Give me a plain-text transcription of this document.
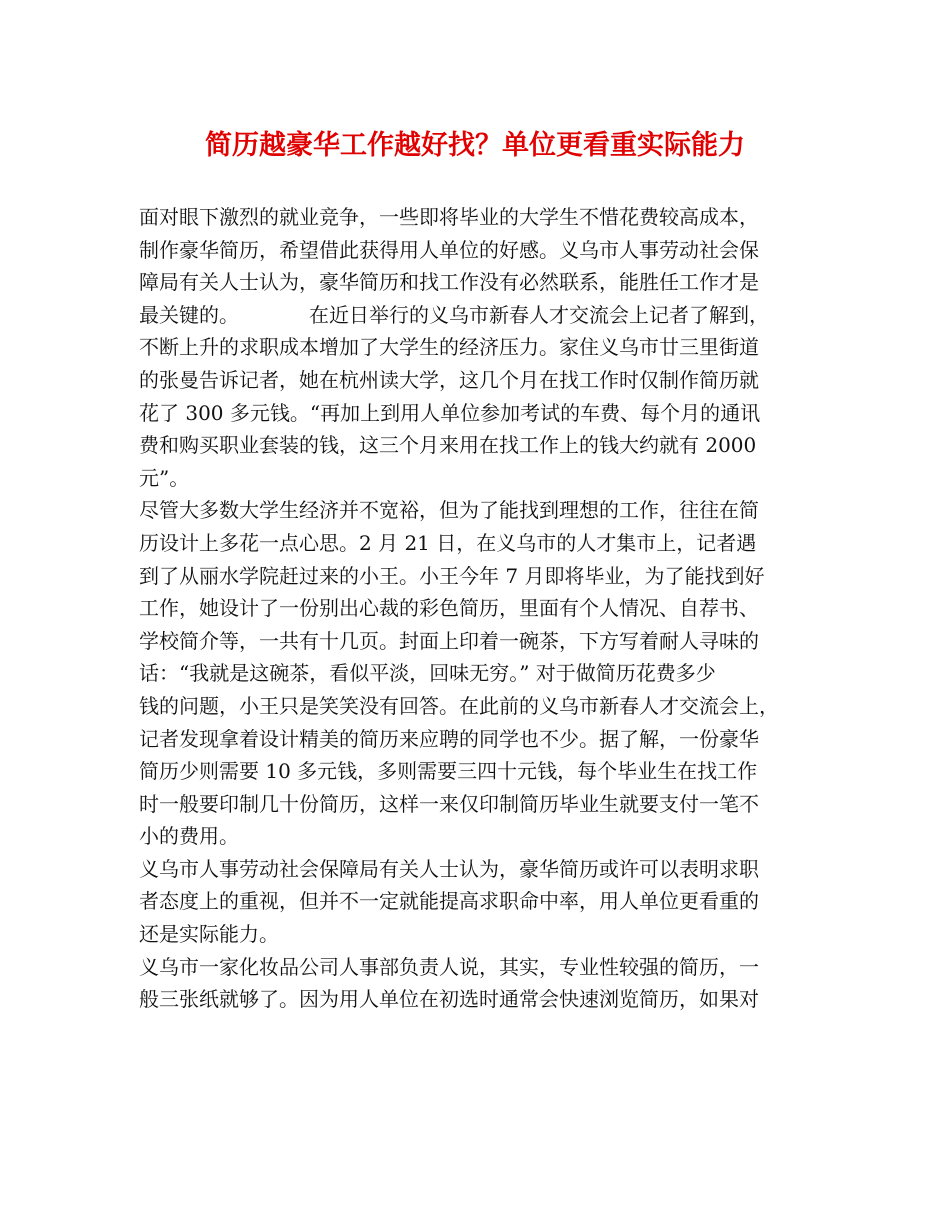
简历越豪华工作越好找？单位更看重实际能力
面对眼下激烈的就业竞争，一些即将毕业的大学生不惜花费较高成本，
制作豪华简历，希望借此获得用人单位的好感。义乌市人事劳动社会保
障局有关人士认为，豪华简历和找工作没有必然联系，能胜任工作才是
最关键的。　　　　在近日举行的义乌市新春人才交流会上记者了解到，
不断上升的求职成本增加了大学生的经济压力。家住义乌市廿三里街道
的张曼告诉记者，她在杭州读大学，这几个月在找工作时仅制作简历就
花了 300 多元钱。“再加上到用人单位参加考试的车费、每个月的通讯
费和购买职业套装的钱，这三个月来用在找工作上的钱大约就有 2000
元”。
尽管大多数大学生经济并不宽裕，但为了能找到理想的工作，往往在简
历设计上多花一点心思。2 月 21 日，在义乌市的人才集市上，记者遇
到了从丽水学院赶过来的小王。小王今年 7 月即将毕业，为了能找到好
工作，她设计了一份别出心裁的彩色简历，里面有个人情况、自荐书、
学校简介等，一共有十几页。封面上印着一碗茶，下方写着耐人寻味的
话：“我就是这碗茶，看似平淡，回味无穷。” 对于做简历花费多少
钱的问题，小王只是笑笑没有回答。在此前的义乌市新春人才交流会上，
记者发现拿着设计精美的简历来应聘的同学也不少。据了解，一份豪华
简历少则需要 10 多元钱，多则需要三四十元钱，每个毕业生在找工作
时一般要印制几十份简历，这样一来仅印制简历毕业生就要支付一笔不
小的费用。
义乌市人事劳动社会保障局有关人士认为，豪华简历或许可以表明求职
者态度上的重视，但并不一定就能提高求职命中率，用人单位更看重的
还是实际能力。
义乌市一家化妆品公司人事部负责人说，其实，专业性较强的简历，一
般三张纸就够了。因为用人单位在初选时通常会快速浏览简历，如果对
